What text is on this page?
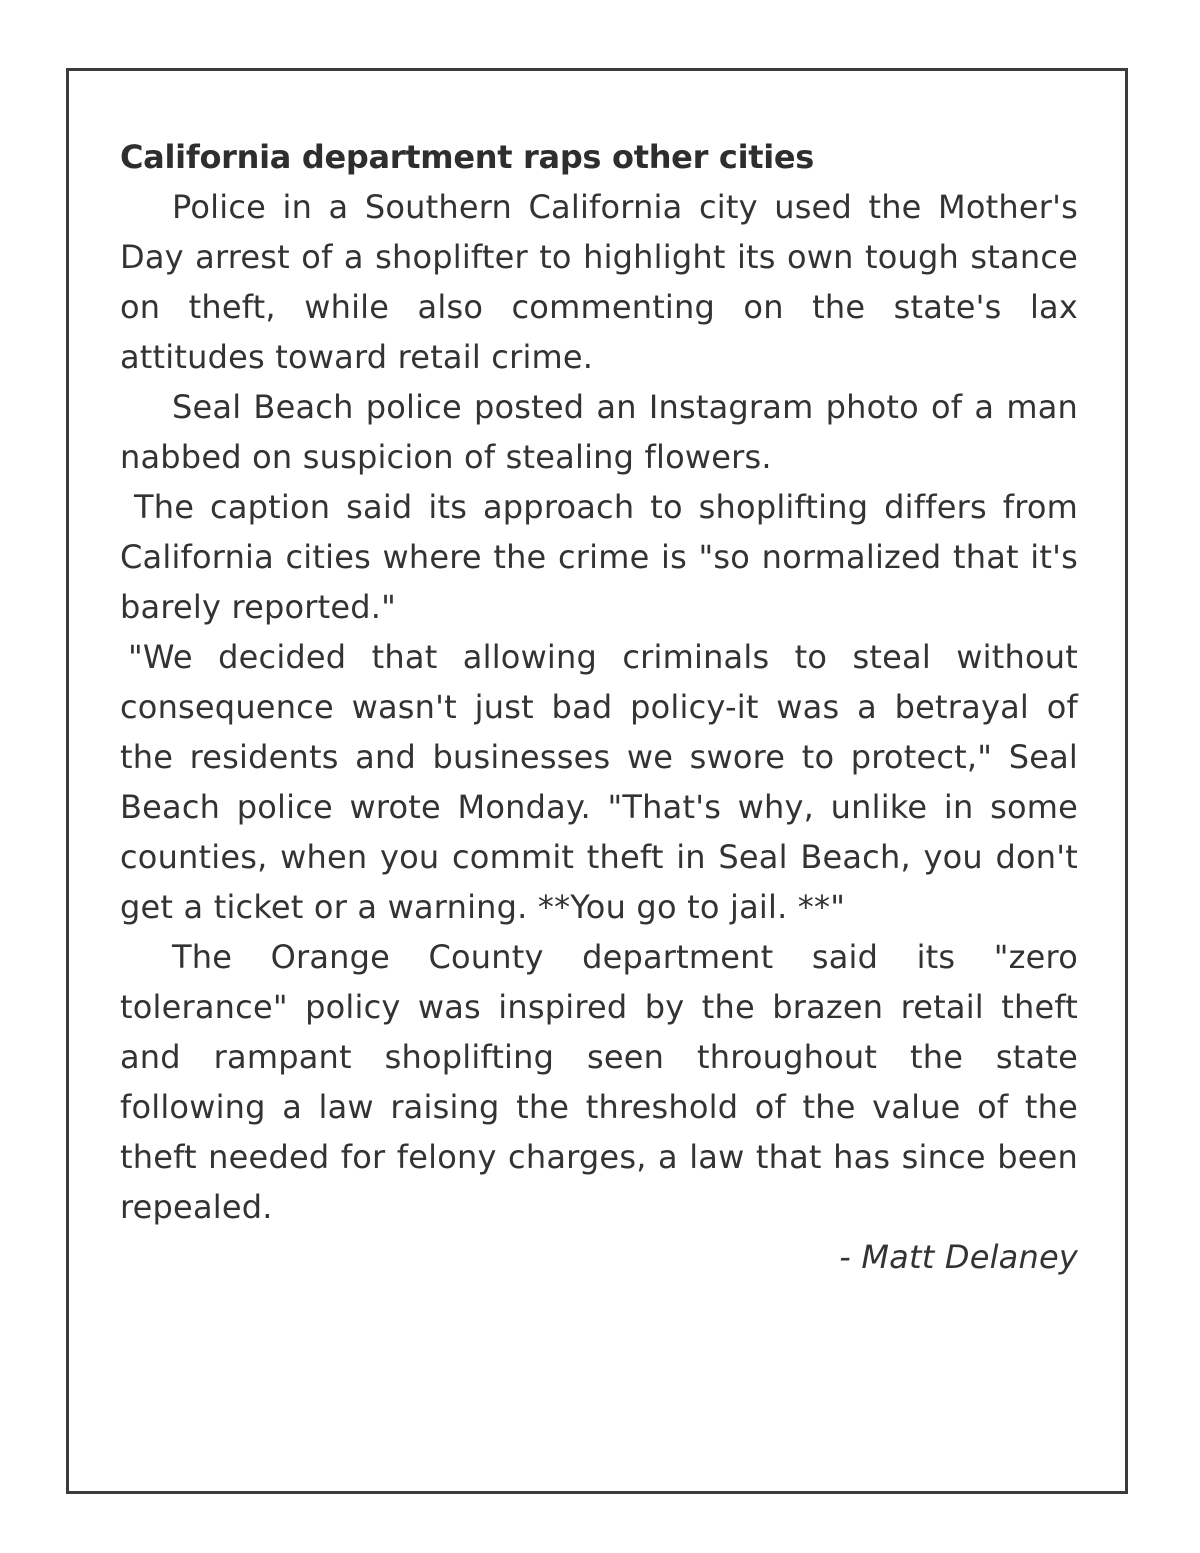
California department raps other cities

Police in a Southern California city used the Mother's Day arrest of a shoplifter to highlight its own tough stance on theft, while also commenting on the state's lax attitudes toward retail crime.

Seal Beach police posted an Instagram photo of a man nabbed on suspicion of stealing flowers.

The caption said its approach to shoplifting differs from California cities where the crime is "so normalized that it's barely reported."

"We decided that allowing criminals to steal without consequence wasn't just bad policy-it was a betrayal of the residents and businesses we swore to protect," Seal Beach police wrote Monday. "That's why, unlike in some counties, when you commit theft in Seal Beach, you don't get a ticket or a warning. **You go to jail. **"

The Orange County department said its "zero tolerance" policy was inspired by the brazen retail theft and rampant shoplifting seen throughout the state following a law raising the threshold of the value of the theft needed for felony charges, a law that has since been repealed.

- Matt Delaney
